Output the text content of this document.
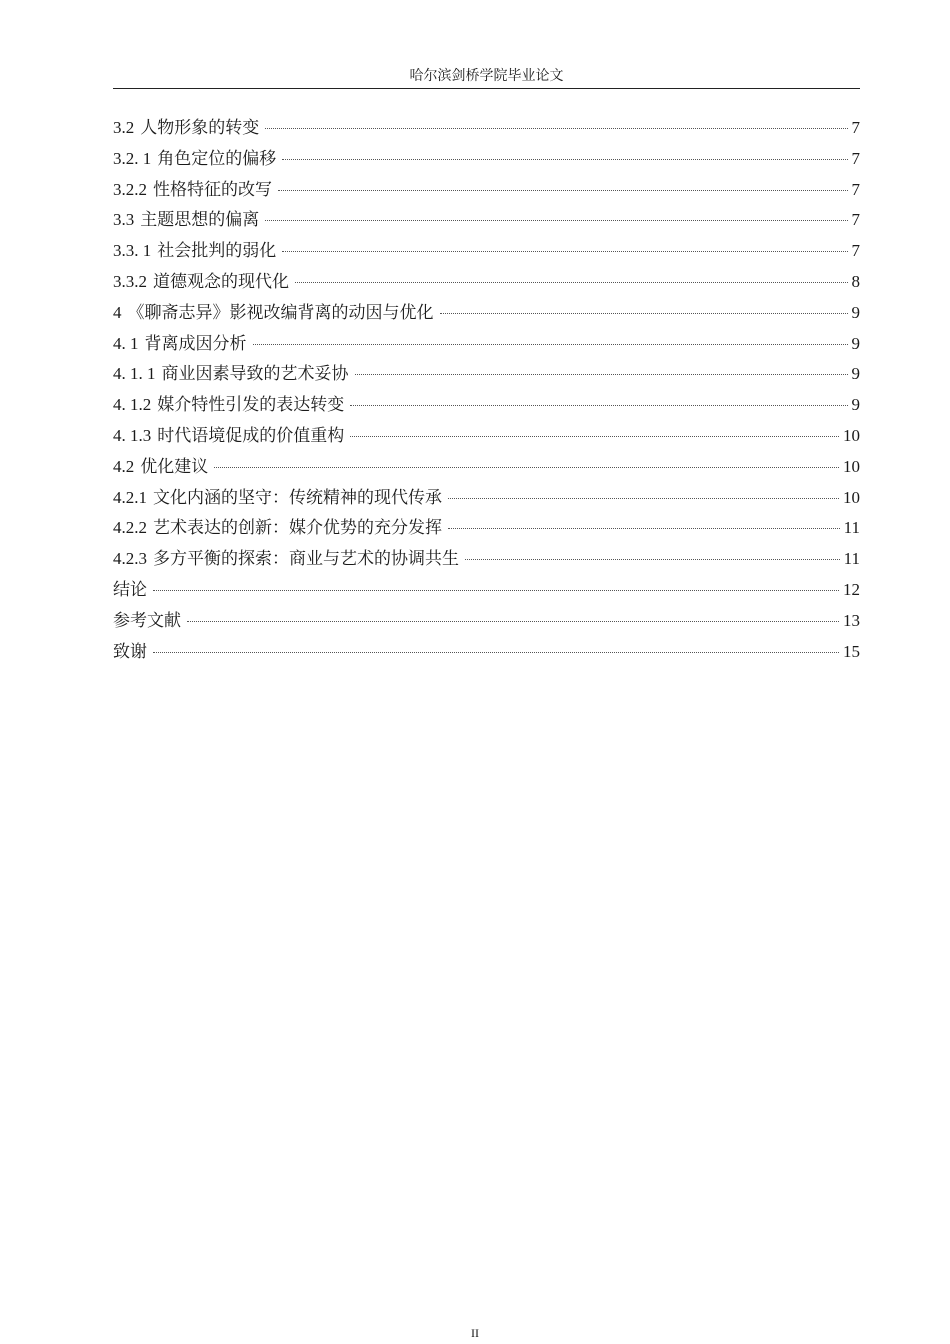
哈尔滨剑桥学院毕业论文
3.2 人物形象的转变	7
3.2. 1 角色定位的偏移	7
3.2.2 性格特征的改写	7
3.3 主题思想的偏离	7
3.3. 1 社会批判的弱化	7
3.3.2 道德观念的现代化	8
4 《聊斋志异》影视改编背离的动因与优化	9
4. 1 背离成因分析	9
4. 1. 1 商业因素导致的艺术妥协	9
4. 1.2 媒介特性引发的表达转变	9
4. 1.3 时代语境促成的价值重构	10
4.2 优化建议	10
4.2.1 文化内涵的坚守：传统精神的现代传承	10
4.2.2 艺术表达的创新：媒介优势的充分发挥	11
4.2.3 多方平衡的探索：商业与艺术的协调共生	11
结论	12
参考文献	13
致谢	15
II
